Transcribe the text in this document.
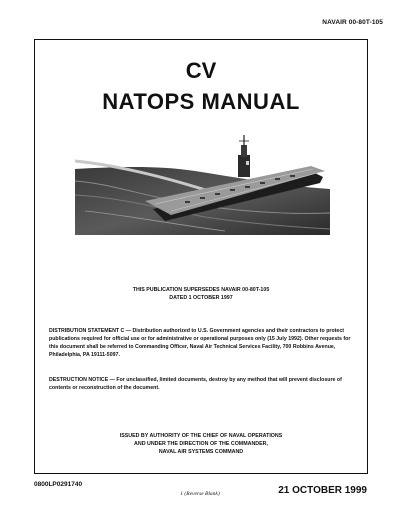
NAVAIR 00-80T-105
CV
NATOPS MANUAL
THIS PUBLICATION SUPERSEDES NAVAIR 00-80T-105
DATED 1 OCTOBER 1997

DISTRIBUTION STATEMENT C — Distribution authorized to U.S. Government agencies and their contractors to protect publications required for official use or for administrative or operational purposes only (15 July 1992). Other requests for this document shall be referred to Commanding Officer, Naval Air Technical Services Facility, 700 Robbins Avenue, Philadelphia, PA 19111-5097.

DESTRUCTION NOTICE — For unclassified, limited documents, destroy by any method that will prevent disclosure of contents or reconstruction of the document.

ISSUED BY AUTHORITY OF THE CHIEF OF NAVAL OPERATIONS
AND UNDER THE DIRECTION OF THE COMMANDER,
NAVAL AIR SYSTEMS COMMAND
0800LP0291740
1 (Reverse Blank)	21 OCTOBER 1999
